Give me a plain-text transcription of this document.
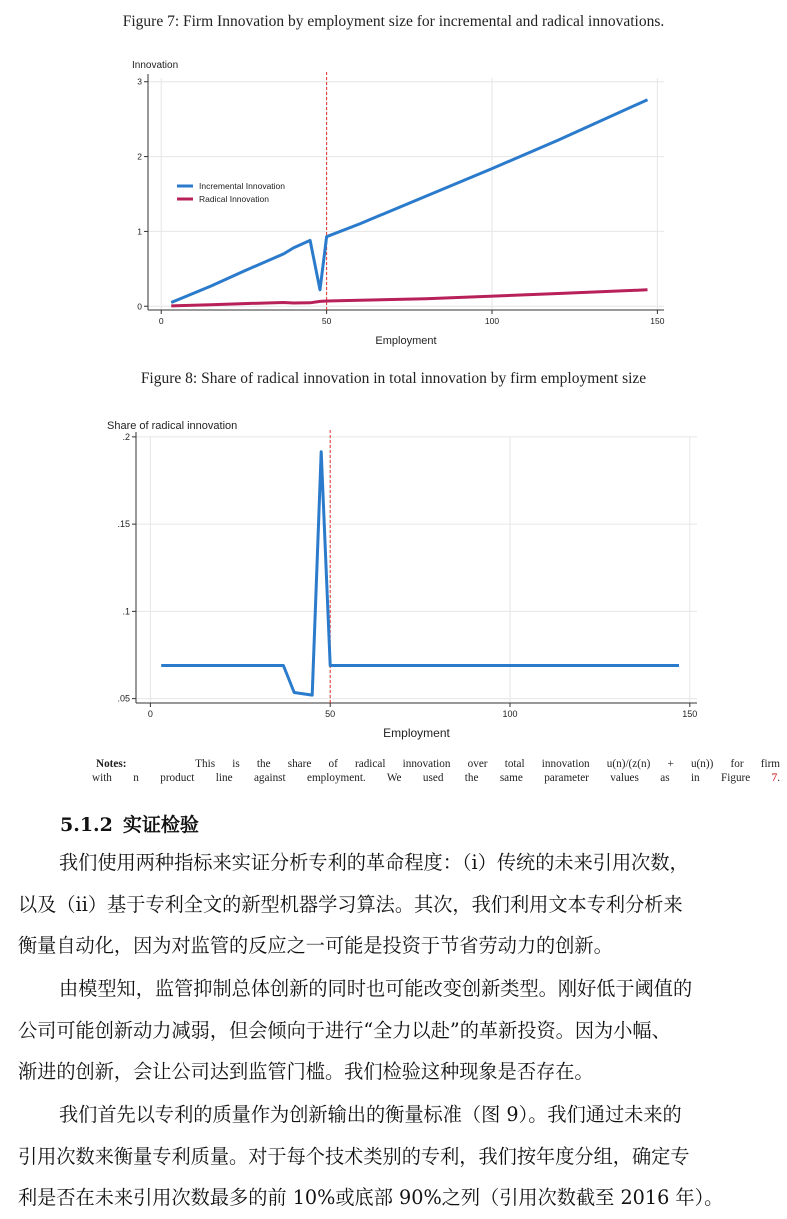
Figure 7: Firm Innovation by employment size for incremental and radical innovations.
0
1
2
3
0	50	100	150
Innovation
Employment
Incremental Innovation
Radical Innovation
Figure 8: Share of radical innovation in total innovation by firm employment size
.05
.1
.15
.2
0	50	100	150
Share of radical innovation
Employment
Notes:	This is the share of radical innovation over total innovation u(n)/(z(n) + u(n)) for firm
with n product line against employment. We used the same parameter values as in Figure 7.
5.1.2 实证检验
我们使用两种指标来实证分析专利的革命程度：（i）传统的未来引用次数，
以及（ii）基于专利全文的新型机器学习算法。其次，我们利用文本专利分析来
衡量自动化，因为对监管的反应之一可能是投资于节省劳动力的创新。
由模型知，监管抑制总体创新的同时也可能改变创新类型。刚好低于阈值的
公司可能创新动力减弱，但会倾向于进行“全力以赴”的革新投资。因为小幅、
渐进的创新，会让公司达到监管门槛。我们检验这种现象是否存在。
我们首先以专利的质量作为创新输出的衡量标准（图 9）。我们通过未来的
引用次数来衡量专利质量。对于每个技术类别的专利，我们按年度分组，确定专
利是否在未来引用次数最多的前 10%或底部 90%之列（引用次数截至 2016 年）。
